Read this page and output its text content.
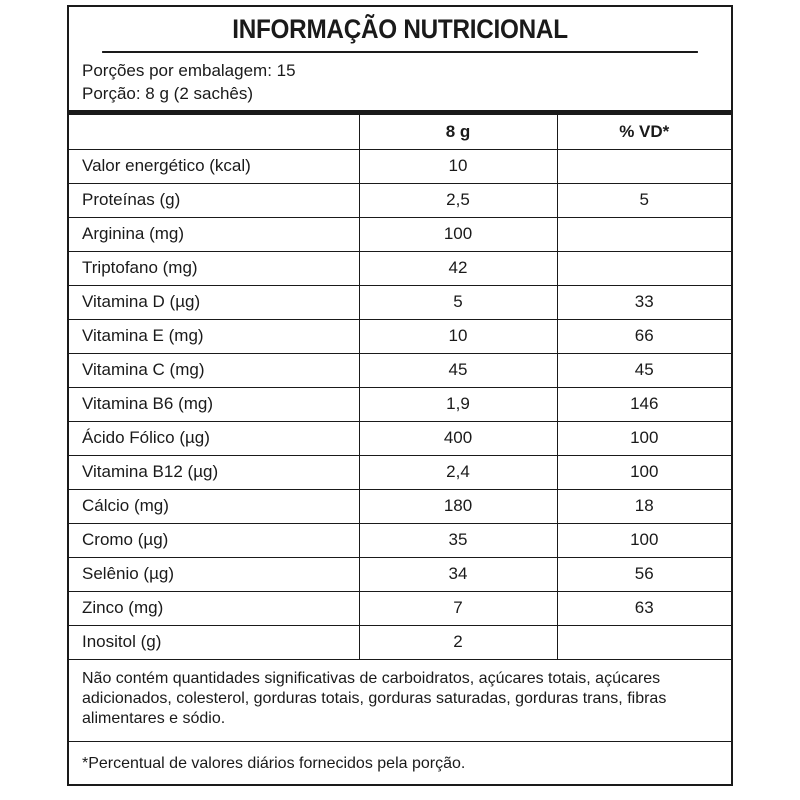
INFORMAÇÃO NUTRICIONAL
Porções por embalagem: 15
Porção: 8 g (2 sachês)
	8 g	% VD*
Valor energético (kcal)	10	
Proteínas (g)	2,5	5
Arginina (mg)	100	
Triptofano (mg)	42	
Vitamina D (µg)	5	33
Vitamina E (mg)	10	66
Vitamina C (mg)	45	45
Vitamina B6 (mg)	1,9	146
Ácido Fólico (µg)	400	100
Vitamina B12 (µg)	2,4	100
Cálcio (mg)	180	18
Cromo (µg)	35	100
Selênio (µg)	34	56
Zinco (mg)	7	63
Inositol (g)	2	
Não contém quantidades significativas de carboidratos, açúcares totais, açúcares adicionados, colesterol, gorduras totais, gorduras saturadas, gorduras trans, fibras alimentares e sódio.
*Percentual de valores diários fornecidos pela porção.
